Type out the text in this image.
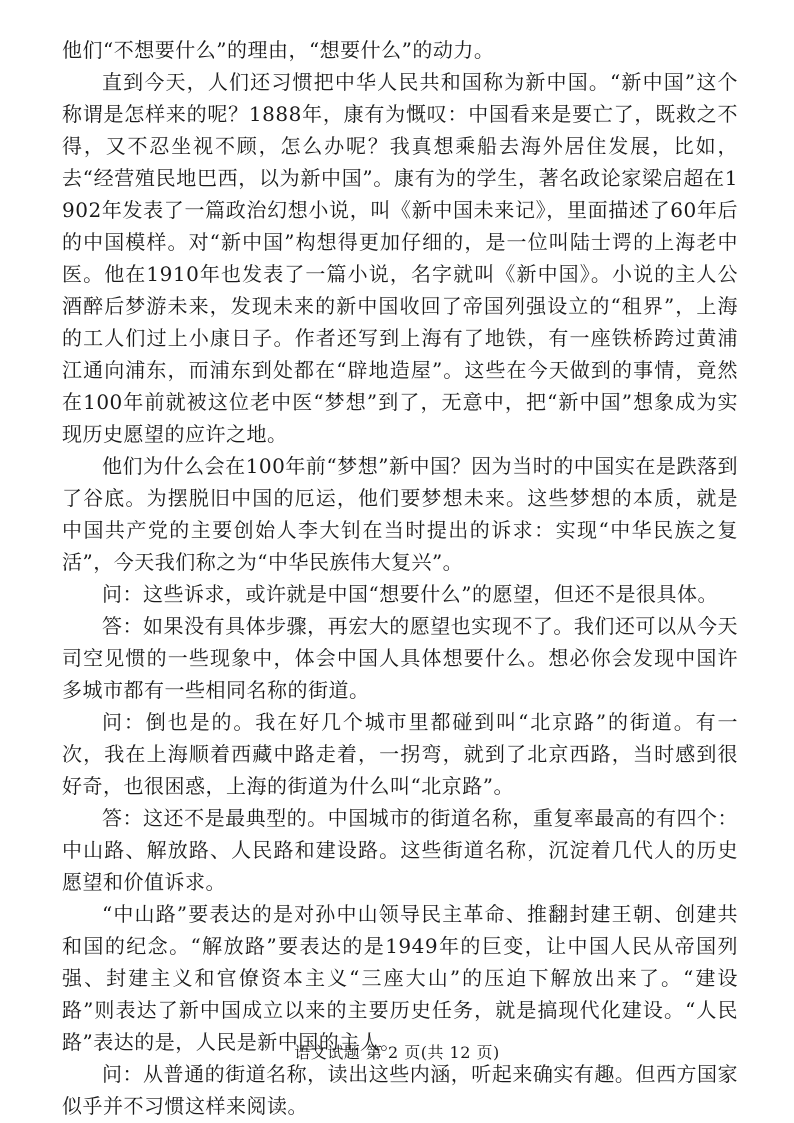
他们“不想要什么”的理由，“想要什么”的动力。

直到今天，人们还习惯把中华人民共和国称为新中国。“新中国”这个称谓是怎样来的呢？1888年，康有为慨叹：中国看来是要亡了，既救之不得，又不忍坐视不顾，怎么办呢？我真想乘船去海外居住发展，比如，去“经营殖民地巴西，以为新中国”。康有为的学生，著名政论家梁启超在1902年发表了一篇政治幻想小说，叫《新中国未来记》，里面描述了60年后的中国模样。对“新中国”构想得更加仔细的，是一位叫陆士谔的上海老中医。他在1910年也发表了一篇小说，名字就叫《新中国》。小说的主人公酒醉后梦游未来，发现未来的新中国收回了帝国列强设立的“租界”，上海的工人们过上小康日子。作者还写到上海有了地铁，有一座铁桥跨过黄浦江通向浦东，而浦东到处都在“辟地造屋”。这些在今天做到的事情，竟然在100年前就被这位老中医“梦想”到了，无意中，把“新中国”想象成为实现历史愿望的应许之地。

他们为什么会在100年前“梦想”新中国？因为当时的中国实在是跌落到了谷底。为摆脱旧中国的厄运，他们要梦想未来。这些梦想的本质，就是中国共产党的主要创始人李大钊在当时提出的诉求：实现“中华民族之复活”，今天我们称之为“中华民族伟大复兴”。

问：这些诉求，或许就是中国“想要什么”的愿望，但还不是很具体。

答：如果没有具体步骤，再宏大的愿望也实现不了。我们还可以从今天司空见惯的一些现象中，体会中国人具体想要什么。想必你会发现中国许多城市都有一些相同名称的街道。

问：倒也是的。我在好几个城市里都碰到叫“北京路”的街道。有一次，我在上海顺着西藏中路走着，一拐弯，就到了北京西路，当时感到很好奇，也很困惑，上海的街道为什么叫“北京路”。

答：这还不是最典型的。中国城市的街道名称，重复率最高的有四个：中山路、解放路、人民路和建设路。这些街道名称，沉淀着几代人的历史愿望和价值诉求。

“中山路”要表达的是对孙中山领导民主革命、推翻封建王朝、创建共和国的纪念。“解放路”要表达的是1949年的巨变，让中国人民从帝国列强、封建主义和官僚资本主义“三座大山”的压迫下解放出来了。“建设路”则表达了新中国成立以来的主要历史任务，就是搞现代化建设。“人民路”表达的是，人民是新中国的主人。

问：从普通的街道名称，读出这些内涵，听起来确实有趣。但西方国家似乎并不习惯这样来阅读。

语文试题 第 2 页(共 12 页)
